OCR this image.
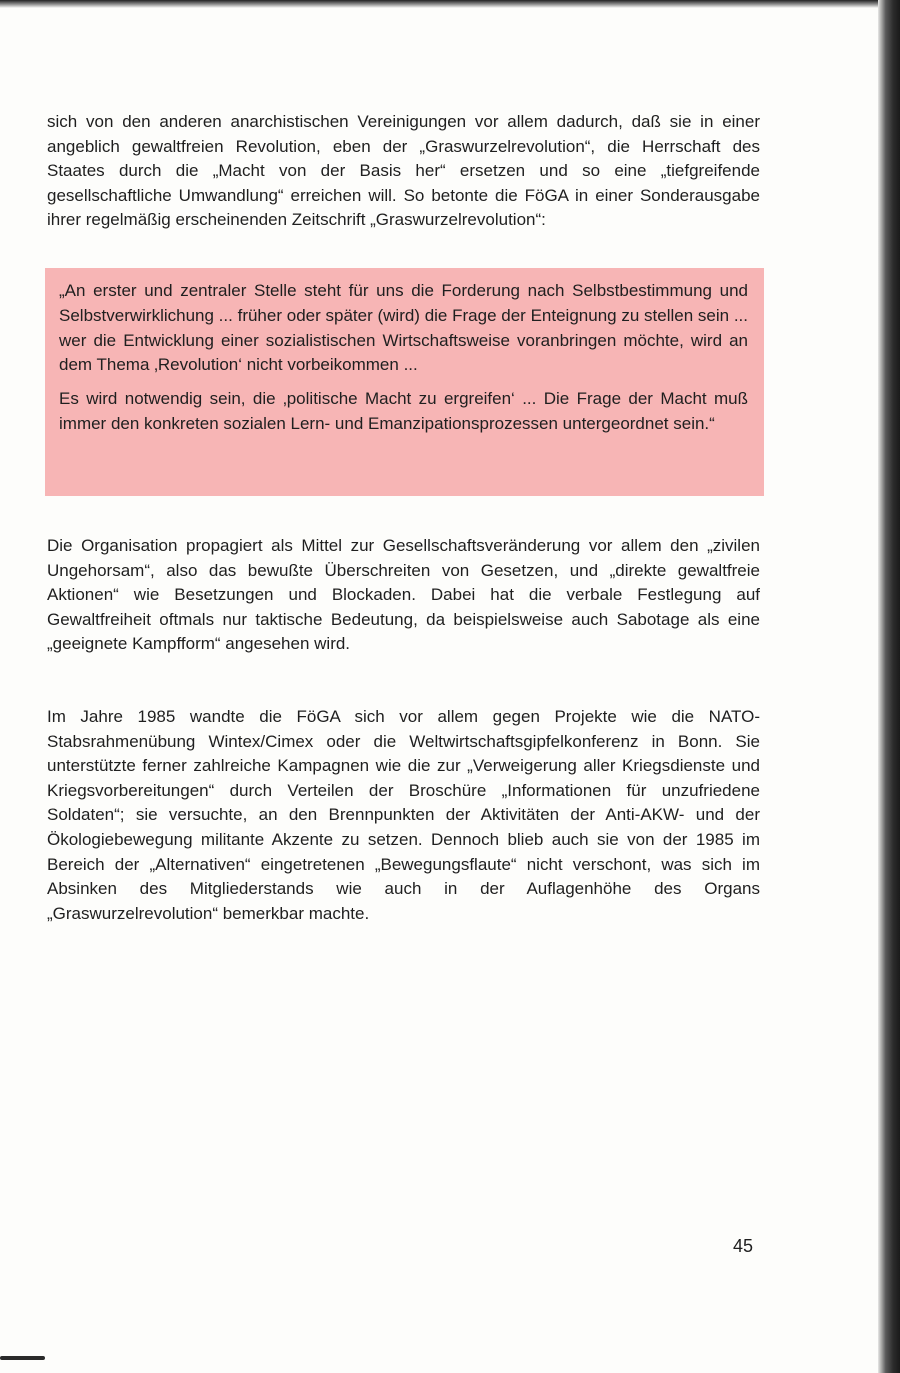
sich von den anderen anarchistischen Vereinigungen vor allem dadurch, daß sie in einer angeblich gewaltfreien Revolution, eben der „Graswurzelrevolution“, die Herrschaft des Staates durch die „Macht von der Basis her“ ersetzen und so eine „tiefgreifende gesellschaftliche Umwandlung“ erreichen will. So betonte die FöGA in einer Sonderausgabe ihrer regelmäßig erscheinenden Zeitschrift „Graswurzelrevolution“:

„An erster und zentraler Stelle steht für uns die Forderung nach Selbstbestimmung und Selbstverwirklichung ... früher oder später (wird) die Frage der Enteignung zu stellen sein ... wer die Entwicklung einer sozialistischen Wirtschaftsweise voranbringen möchte, wird an dem Thema ‚Revolution‘ nicht vorbeikommen ...

Es wird notwendig sein, die ‚politische Macht zu ergreifen‘ ... Die Frage der Macht muß immer den konkreten sozialen Lern- und Emanzipationsprozessen untergeordnet sein.“

Die Organisation propagiert als Mittel zur Gesellschaftsveränderung vor allem den „zivilen Ungehorsam“, also das bewußte Überschreiten von Gesetzen, und „direkte gewaltfreie Aktionen“ wie Besetzungen und Blockaden. Dabei hat die verbale Festlegung auf Gewaltfreiheit oftmals nur taktische Bedeutung, da beispielsweise auch Sabotage als eine „geeignete Kampfform“ angesehen wird.

Im Jahre 1985 wandte die FöGA sich vor allem gegen Projekte wie die NATO-Stabsrahmenübung Wintex/Cimex oder die Weltwirtschaftsgipfelkonferenz in Bonn. Sie unterstützte ferner zahlreiche Kampagnen wie die zur „Verweigerung aller Kriegsdienste und Kriegsvorbereitungen“ durch Verteilen der Broschüre „Informationen für unzufriedene Soldaten“; sie versuchte, an den Brennpunkten der Aktivitäten der Anti-AKW- und der Ökologiebewegung militante Akzente zu setzen. Dennoch blieb auch sie von der 1985 im Bereich der „Alternativen“ eingetretenen „Bewegungsflaute“ nicht verschont, was sich im Absinken des Mitgliederstands wie auch in der Auflagenhöhe des Organs „Graswurzelrevolution“ bemerkbar machte.

45
